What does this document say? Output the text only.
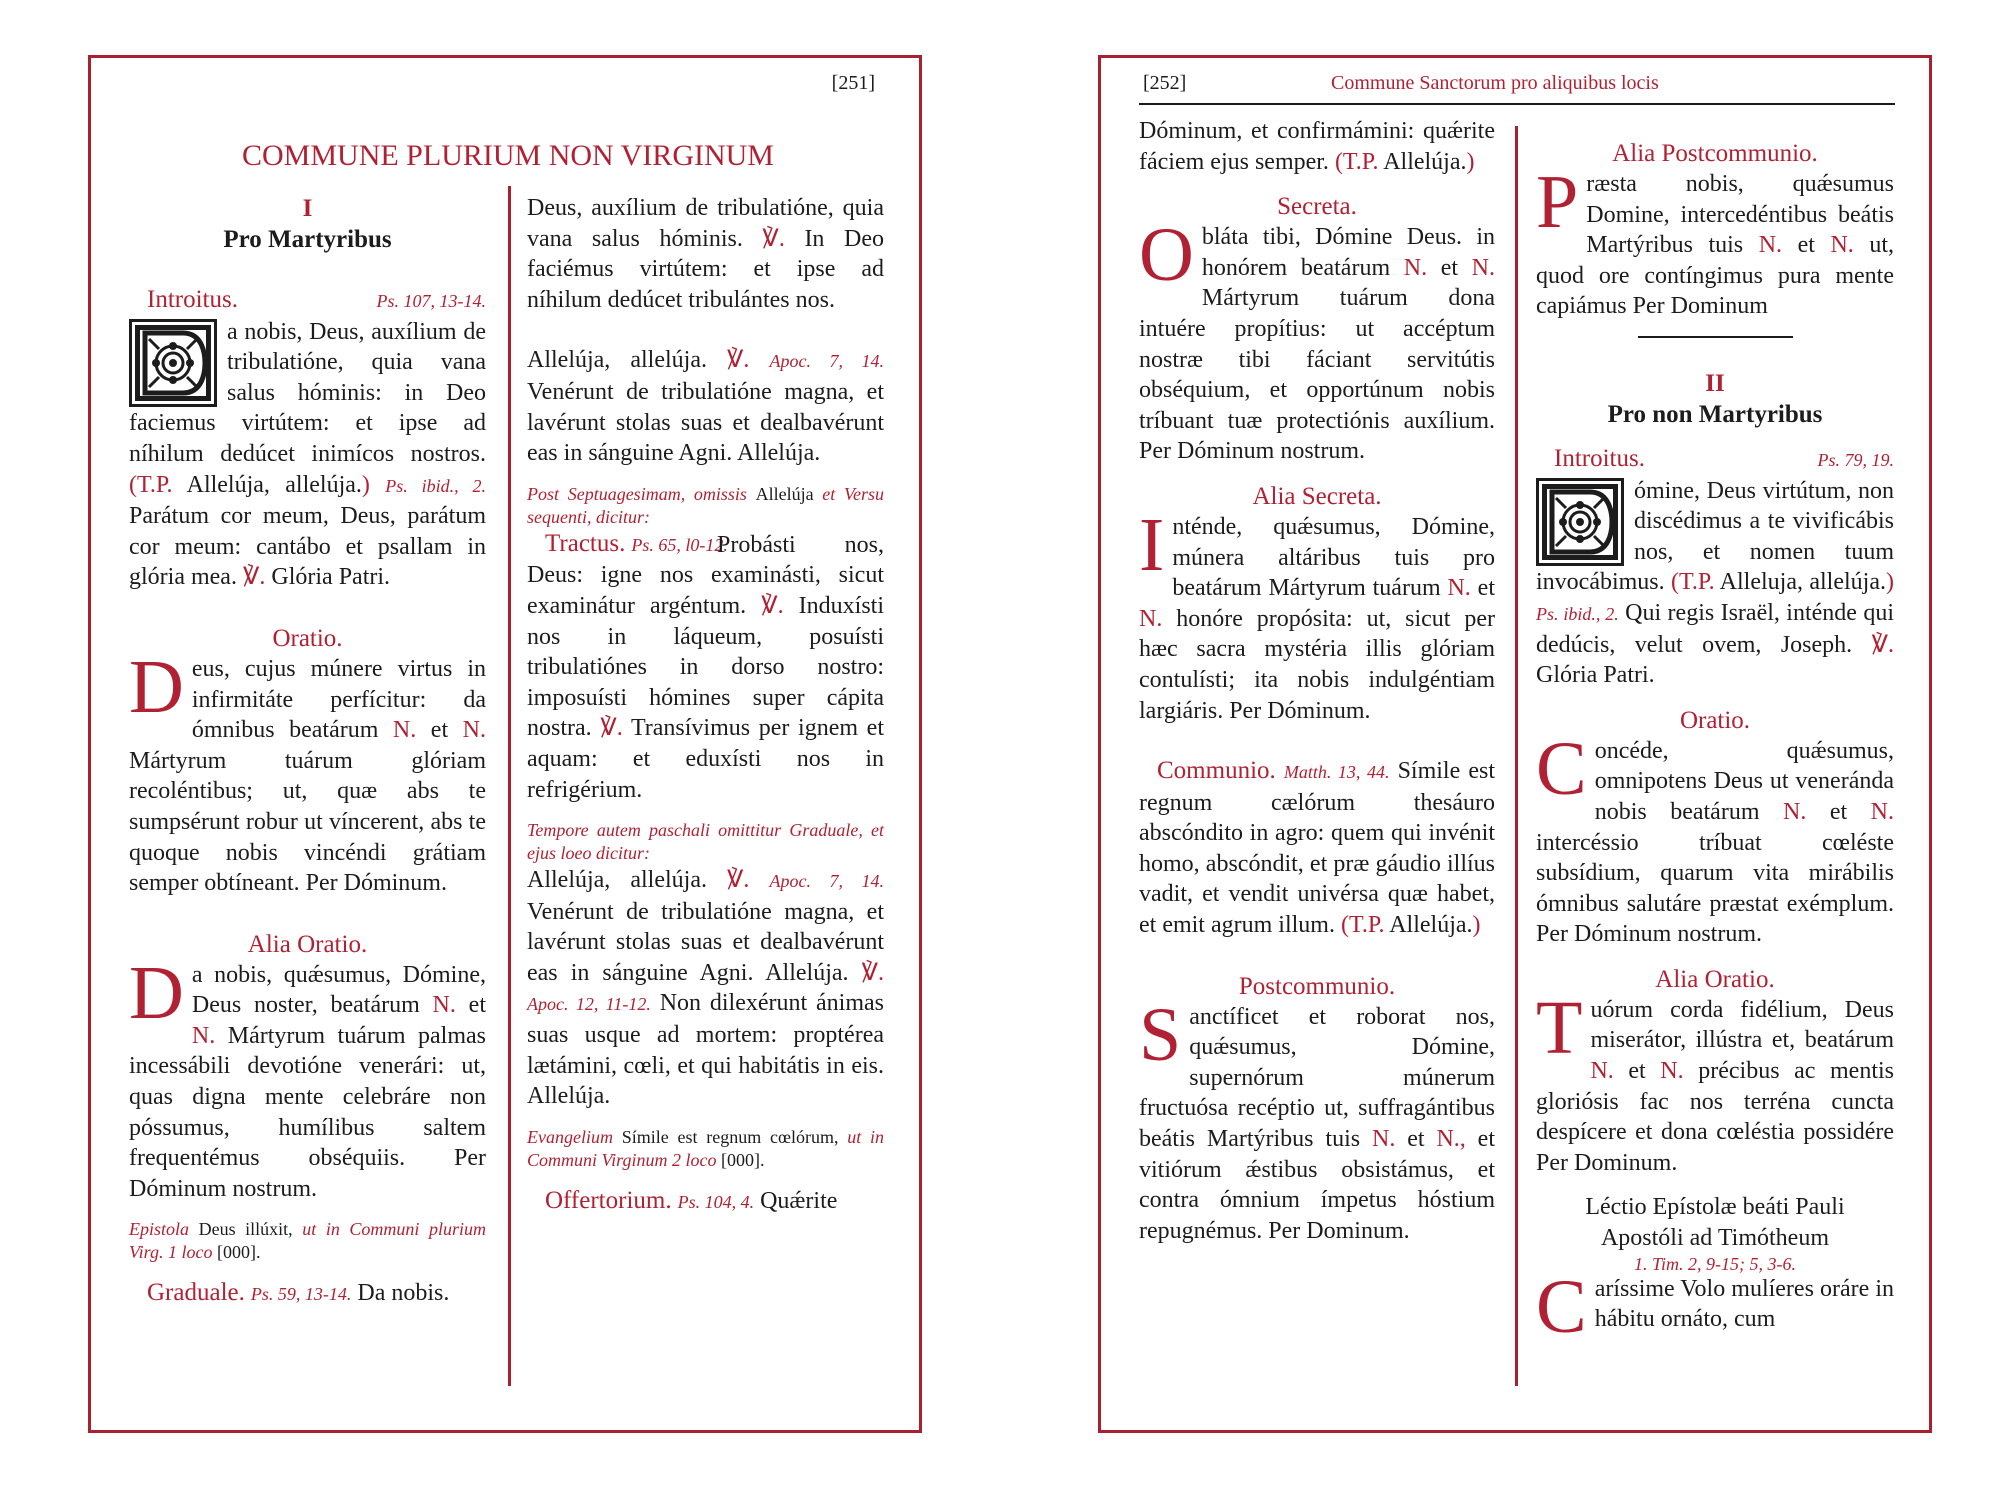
[251]
COMMUNE PLURIUM NON VIRGINUM
I
Pro Martyribus
Introitus.	Ps. 107, 13-14.

a nobis, Deus, auxílium de tribulatióne, quia vana salus hóminis: in Deo faciemus virtútem: et ipse ad níhilum dedúcet inimícos nostros. (T.P. Allelúja, allelúja.) Ps. ibid., 2. Parátum cor meum, Deus, parátum cor meum: cantábo et psallam in glória mea. ℣. Glória Patri.

Oratio.

D eus, cujus múnere virtus in infirmitáte perfícitur: da ómnibus beatárum N. et N. Mártyrum tuárum glóriam recoléntibus; ut, quæ abs te sumpsérunt robur ut víncerent, abs te quoque nobis vincéndi grátiam semper obtíneant. Per Dóminum.

Alia Oratio.

D a nobis, quǽsumus, Dómine, Deus noster, beatárum N. et N. Mártyrum tuárum palmas incessábili devotióne venerári: ut, quas digna mente celebráre non póssumus, humílibus saltem frequentémus obséquiis. Per Dóminum nostrum.

Epistola Deus illúxit, ut in Communi plurium Virg. 1 loco [000].

Graduale. Ps. 59, 13-14. Da nobis.

Deus, auxílium de tribulatióne, quia vana salus hóminis. ℣. In Deo faciémus virtútem: et ipse ad níhilum dedúcet tribulántes nos.

Allelúja, allelúja. ℣. Apoc. 7, 14. Venérunt de tribulatióne magna, et lavérunt stolas suas et dealbavérunt eas in sánguine Agni. Allelúja.

Post Septuagesimam, omissis Allelúja et Versu sequenti, dicitur:

Tractus. Ps. 65, l0-12.

Probásti nos, Deus: igne nos examinásti, sicut examinátur argéntum. ℣. Induxísti nos in láqueum, posuísti tribulatiónes in dorso nostro: imposuísti hómines super cápita nostra. ℣. Transívimus per ignem et aquam: et eduxísti nos in refrigérium.

Tempore autem paschali omittitur Graduale, et ejus loeo dicitur:

Allelúja, allelúja. ℣. Apoc. 7, 14. Venérunt de tribulatióne magna, et lavérunt stolas suas et dealbavérunt eas in sánguine Agni. Allelúja. ℣. Apoc. 12, 11-12. Non dilexérunt ánimas suas usque ad mortem: proptérea lætámini, cœli, et qui habitátis in eis. Allelúja.

Evangelium Símile est regnum cœlórum, ut in Communi Virginum 2 loco [000].

Offertorium. Ps. 104, 4. Quǽrite

[252]	Commune Sanctorum pro aliquibus locis

Dóminum, et confirmámini: quǽrite fáciem ejus semper. (T.P. Allelúja.)

Secreta.

O bláta tibi, Dómine Deus. in honórem beatárum N. et N. Mártyrum tuárum dona intuére propítius: ut accéptum nostræ tibi fáciant servitútis obséquium, et opportúnum nobis tríbuant tuæ protectiónis auxílium. Per Dóminum nostrum.

Alia Secreta.

I nténde, quǽsumus, Dómine, múnera altáribus tuis pro beatárum Mártyrum tuárum N. et N. honóre propósita: ut, sicut per hæc sacra mystéria illis glóriam contulísti; ita nobis indulgéntiam largiáris. Per Dóminum.

Communio. Matth. 13, 44. Símile est regnum cælórum thesáuro abscóndito in agro: quem qui invénit homo, abscóndit, et præ gáudio illíus vadit, et vendit univérsa quæ habet, et emit agrum illum. (T.P. Allelúja.)

Postcommunio.

S anctíficet et roborat nos, quǽsumus, Dómine, supernórum múnerum fructuósa recéptio ut, suffragántibus beátis Martýribus tuis N. et N., et vitiórum ǽstibus obsistámus, et contra ómnium ímpetus hóstium repugnémus. Per Dominum.

Alia Postcommunio.

P ræsta nobis, quǽsumus Domine, intercedéntibus beátis Martýribus tuis N. et N. ut, quod ore contíngimus pura mente capiámus Per Dominum

II
Pro non Martyribus
Introitus.	Ps. 79, 19.

ómine, Deus virtútum, non discédimus a te vivificábis nos, et nomen tuum invocábimus. (T.P. Alleluja, allelúja.) Ps. ibid., 2. Qui regis Israël, inténde qui dedúcis, velut ovem, Joseph. ℣. Glória Patri.

Oratio.

C oncéde, quǽsumus, omnipotens Deus ut veneránda nobis beatárum N. et N. intercéssio tríbuat cœléste subsídium, quarum vita mirábilis ómnibus salutáre præstat exémplum. Per Dóminum nostrum.

Alia Oratio.

T uórum corda fidélium, Deus miserátor, illústra et, beatárum N. et N. précibus ac mentis gloriósis fac nos terréna cuncta despícere et dona cœléstia possidére Per Dominum.

Léctio Epístolæ beáti Pauli
Apostóli ad Timótheum
1. Tim. 2, 9-15; 5, 3-6.

C aríssime Volo mulíeres oráre in hábitu ornáto, cum
